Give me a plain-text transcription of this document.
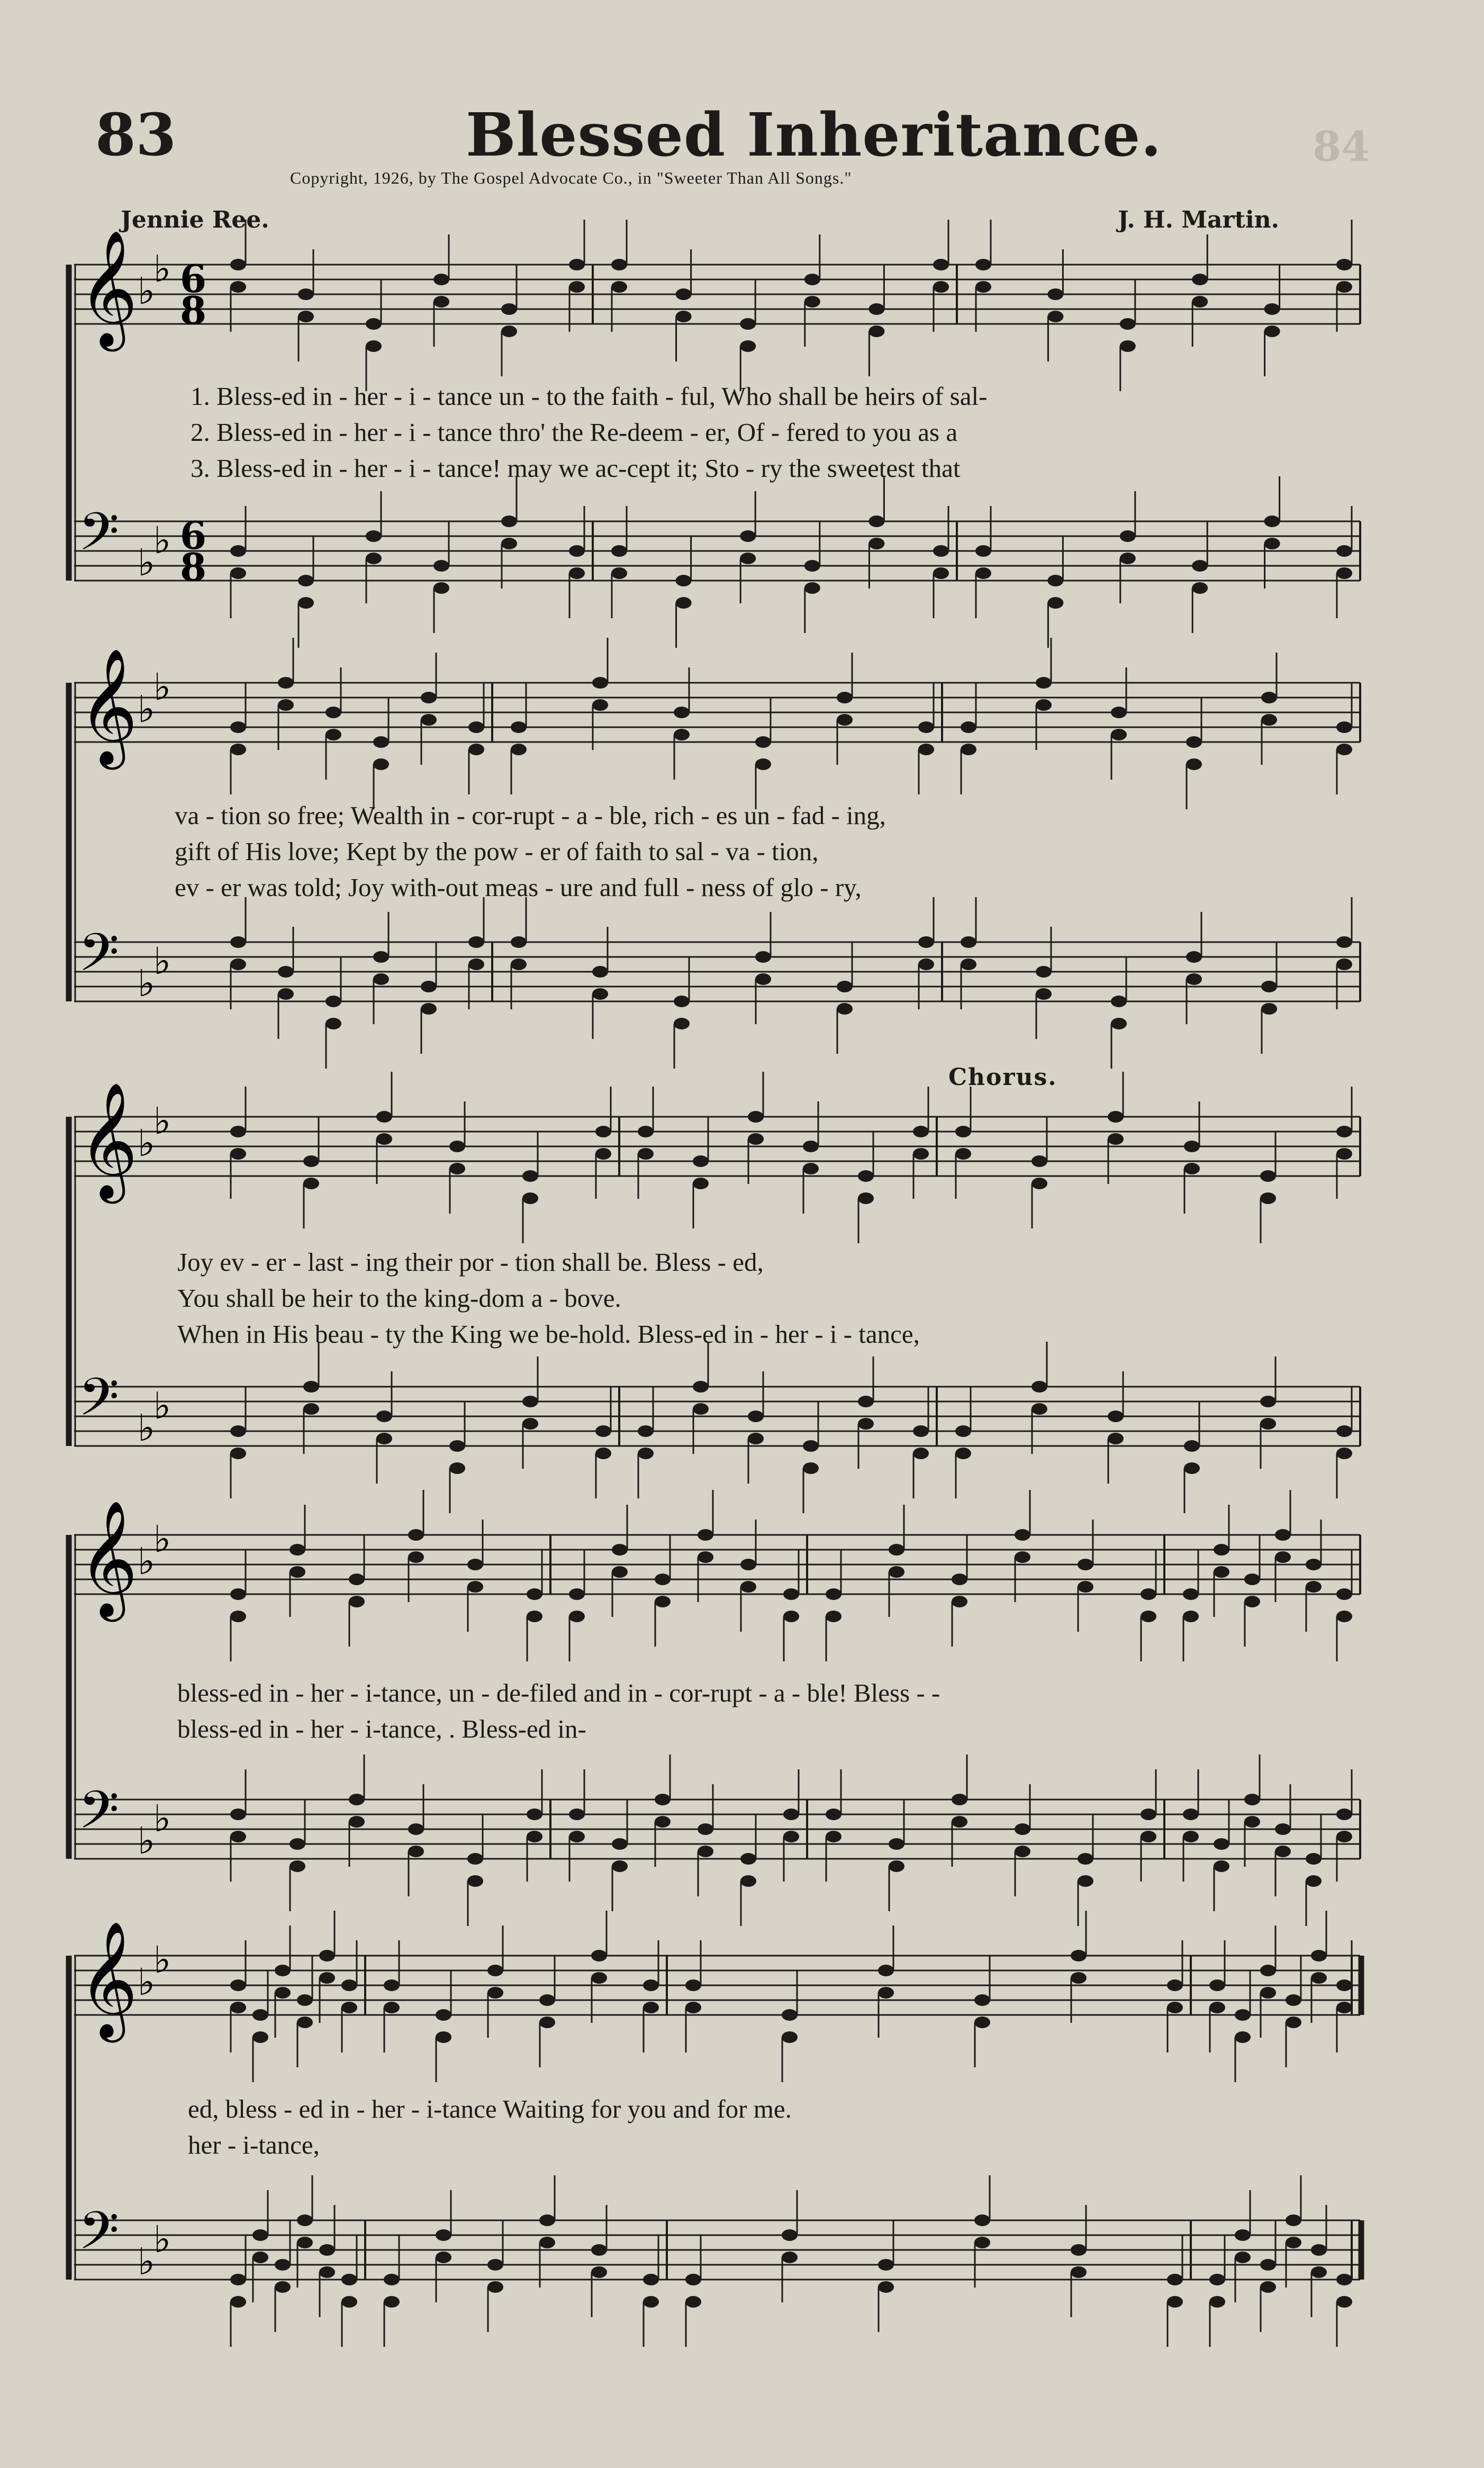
83	Blessed Inheritance.	84
Copyright, 1926, by The Gospel Advocate Co., in "Sweeter Than All Songs."
Jennie Ree.	J. H. Martin.
Chorus.
𝄞 ♭
♭ 6
8
𝄢 ♭
♭ 6
8
𝄞 ♭
♭
𝄢 ♭
♭
𝄞 ♭
♭
𝄢 ♭
♭
𝄞 ♭
♭
𝄢 ♭
♭
𝄞 ♭
♭
𝄢 ♭
♭
1. Bless-ed in - her - i - tance un - to the faith - ful, Who shall be heirs of sal-
2. Bless-ed in - her - i - tance thro' the Re-deem - er, Of - fered to you as a
3. Bless-ed in - her - i - tance! may we ac-cept it; Sto - ry the sweetest that
va - tion so free; Wealth in - cor-rupt - a - ble, rich - es un - fad - ing,
gift of His love; Kept by the pow - er of faith to sal - va - tion,
ev - er was told; Joy with-out meas - ure and full - ness of glo - ry,
Joy ev - er - last - ing their por - tion shall be. Bless - ed,
You shall be heir to the king-dom a - bove.
When in His beau - ty the King we be-hold. Bless-ed in - her - i - tance,
bless-ed in - her - i-tance, un - de-filed and in - cor-rupt - a - ble! Bless - -
bless-ed in - her - i-tance, . Bless-ed in-
ed, bless - ed in - her - i-tance Waiting for you and for me.
her - i-tance,
